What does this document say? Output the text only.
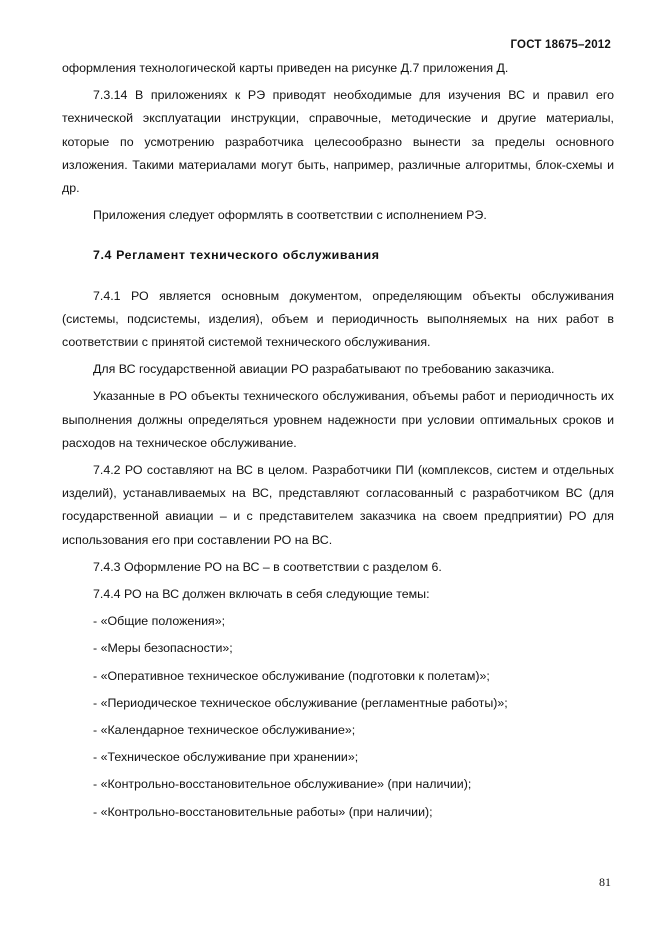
ГОСТ 18675–2012

оформления технологической карты приведен на рисунке Д.7 приложения Д.

7.3.14 В приложениях к РЭ приводят необходимые для изучения ВС и правил его технической эксплуатации инструкции, справочные, методические и другие материалы, которые по усмотрению разработчика целесообразно вынести за пределы основного изложения. Такими материалами могут быть, например, различные алгоритмы, блок-схемы и др.

Приложения следует оформлять в соответствии с исполнением РЭ.

7.4 Регламент технического обслуживания

7.4.1 РО является основным документом, определяющим объекты обслуживания (системы, подсистемы, изделия), объем и периодичность выполняемых на них работ в соответствии с принятой системой технического обслуживания.

Для ВС государственной авиации РО разрабатывают по требованию заказчика.

Указанные в РО объекты технического обслуживания, объемы работ и периодичность их выполнения должны определяться уровнем надежности при условии оптимальных сроков и расходов на техническое обслуживание.

7.4.2 РО составляют на ВС в целом. Разработчики ПИ (комплексов, систем и отдельных изделий), устанавливаемых на ВС, представляют согласованный с разработчиком ВС (для государственной авиации – и с представителем заказчика на своем предприятии) РО для использования его при составлении РО на ВС.

7.4.3 Оформление РО на ВС – в соответствии с разделом 6.

7.4.4 РО на ВС должен включать в себя следующие темы:

- «Общие положения»;

- «Меры безопасности»;

- «Оперативное техническое обслуживание (подготовки к полетам)»;

- «Периодическое техническое обслуживание (регламентные работы)»;

- «Календарное техническое обслуживание»;

- «Техническое обслуживание при хранении»;

- «Контрольно-восстановительное обслуживание» (при наличии);

- «Контрольно-восстановительные работы» (при наличии);

81
